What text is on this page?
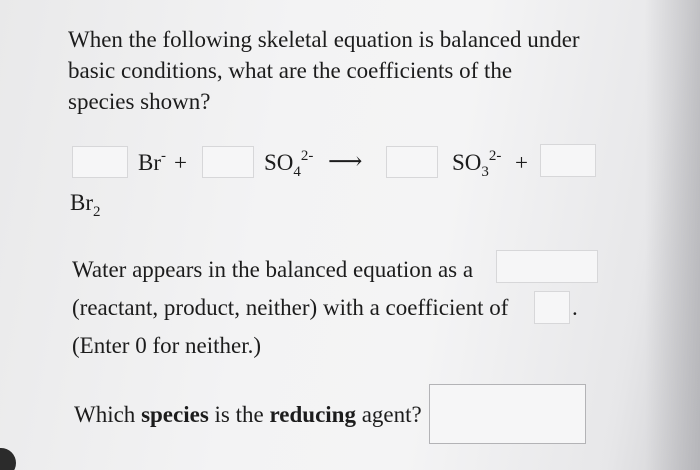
When the following skeletal equation is balanced under
basic conditions, what are the coefficients of the
species shown?
Br- +	$SO_4^{2-}$ ⟶	$SO_3^{2-}$ +
$Br_2$
Water appears in the balanced equation as a
(reactant, product, neither) with a coefficient of	.
(Enter 0 for neither.)
Which species is the reducing agent?
